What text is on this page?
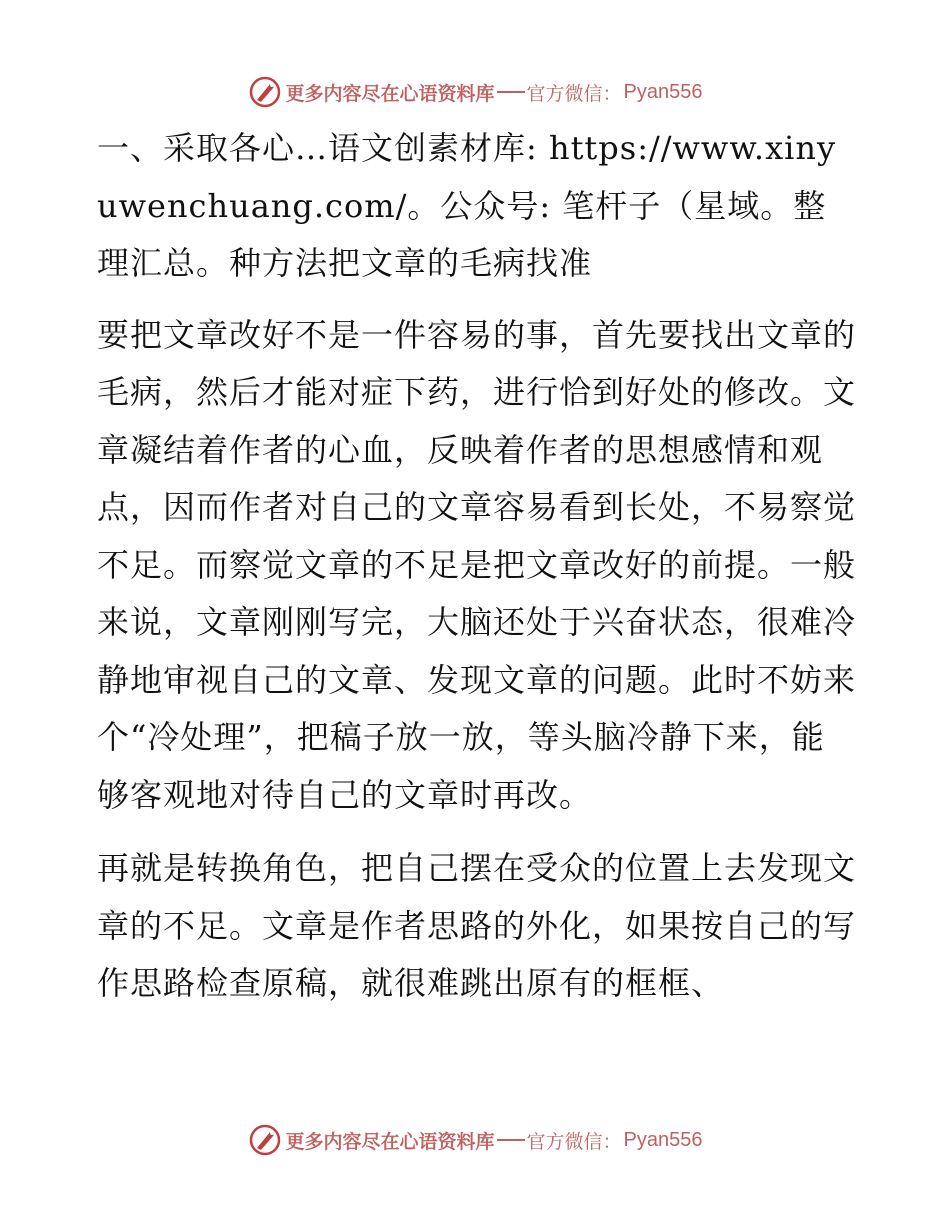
更多内容尽在心语资料库 官方微信： Pyan556

一、采取各心…语文创素材库: https://www.xinyuwenchuang.com/。公众号: 笔杆子（星域。整理汇总。种方法把文章的毛病找准

要把文章改好不是一件容易的事，首先要找出文章的毛病，然后才能对症下药，进行恰到好处的修改。文章凝结着作者的心血，反映着作者的思想感情和观点，因而作者对自己的文章容易看到长处，不易察觉不足。而察觉文章的不足是把文章改好的前提。一般来说，文章刚刚写完，大脑还处于兴奋状态，很难冷静地审视自己的文章、发现文章的问题。此时不妨来个“冷处理”，把稿子放一放，等头脑冷静下来，能够客观地对待自己的文章时再改。

再就是转换角色，把自己摆在受众的位置上去发现文章的不足。文章是作者思路的外化，如果按自己的写作思路检查原稿，就很难跳出原有的框框、

更多内容尽在心语资料库 官方微信： Pyan556
